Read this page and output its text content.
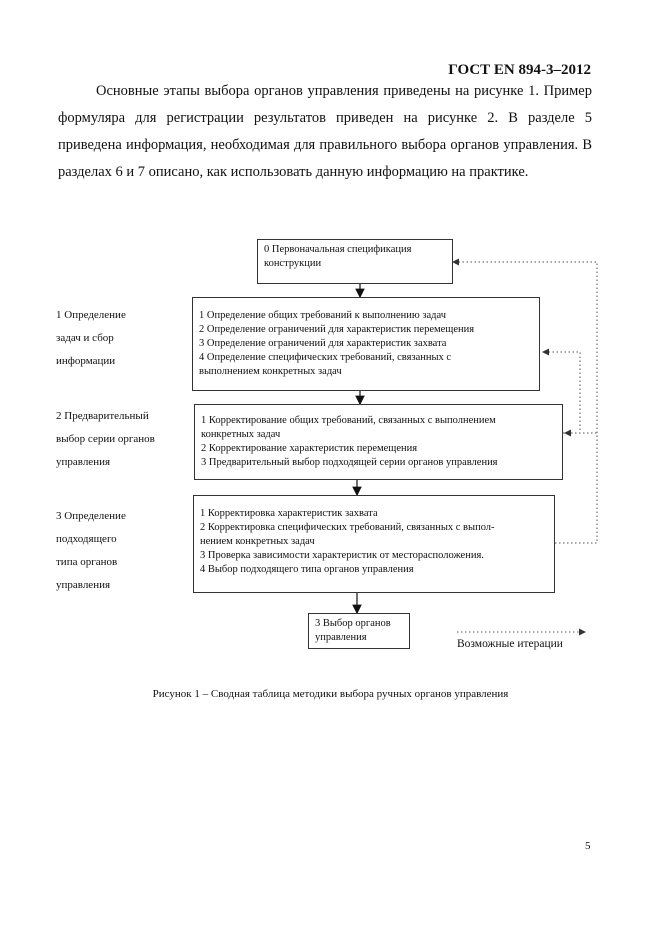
ГОСТ EN 894-3–2012

Основные этапы выбора органов управления приведены на рисунке 1. Пример формуляра для регистрации результатов приведен на рисунке 2. В разделе 5 приведена информация, необходимая для правильного выбора органов управления. В разделах 6 и 7 описано, как использовать данную информацию на практике.

0 Первоначальная спецификация
конструкции
1 Определение общих требований к выполнению задач
2 Определение ограничений для характеристик перемещения
3 Определение ограничений для характеристик захвата
4 Определение специфических требований, связанных с
выполнением конкретных задач
1 Корректирование общих требований, связанных с выполнением
конкретных задач
2 Корректирование характеристик перемещения
3 Предварительный выбор подходящей серии органов управления
1 Корректировка характеристик захвата
2 Корректировка специфических требований, связанных с выпол-
нением конкретных задач
3 Проверка зависимости характеристик от месторасположения.
4 Выбор подходящего типа органов управления
3 Выбор органов
управления
1 Определение
задач и сбор
информации
2 Предварительный
выбор серии органов
управления
3 Определение
подходящего
типа органов
управления
Возможные итерации
Рисунок 1 – Сводная таблица методики выбора ручных органов управления
5
